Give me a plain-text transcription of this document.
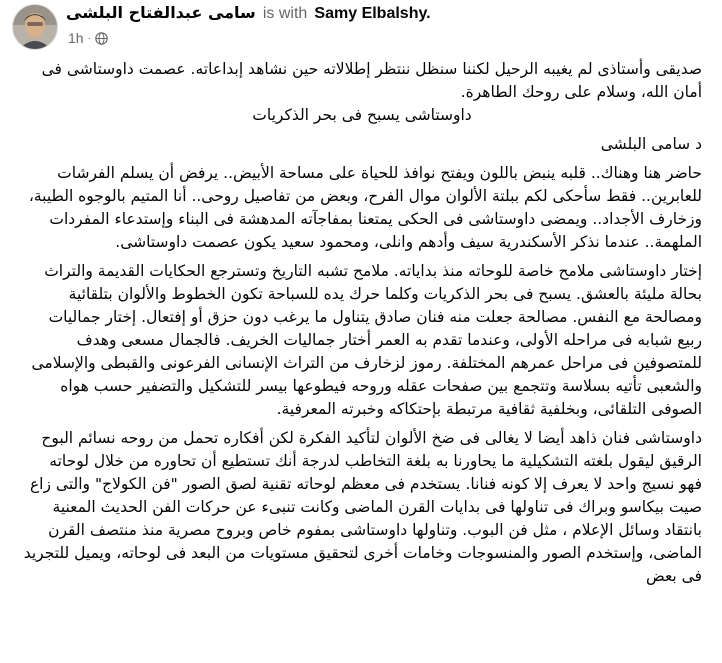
سامى عبدالفتاح البلشى is with Samy Elbalshy.
1h ·

صديقى وأستاذى لم يغيبه الرحيل لكننا سنظل ننتظر إطلالاته حين نشاهد إبداعاته. عصمت داوستاشى فى أمان الله، وسلام على روحك الطاهرة.

داوستاشى يسبح فى بحر الذكريات

د سامى البلشى

حاضر هنا وهناك.. قلبه ينبض باللون ويفتح نوافذ للحياة على مساحة الأبيض.. يرفض أن يسلم الفرشات للعابرين.. فقط سأحكى لكم ببلتة الألوان موال الفرح، وبعض من تفاصيل روحى.. أنا المتيم بالوجوه الطيبة، وزخارف الأجداد.. ويمضى داوستاشى فى الحكى يمتعنا بمفاجآته المدهشة فى البناء وإستدعاء المفردات الملهمة.. عندما نذكر الأسكندرية سيف وأدهم وانلى، ومحمود سعيد يكون عصمت داوستاشى.

إختار داوستاشى ملامح خاصة للوحاته منذ بداياته. ملامح تشبه التاريخ وتسترجع الحكايات القديمة والتراث بحالة مليئة بالعشق. يسبح فى بحر الذكريات وكلما حرك يده للسباحة تكون الخطوط والألوان بتلقائية ومصالحة مع النفس. مصالحة جعلت منه فنان صادق يتناول ما يرغب دون حزق أو إفتعال. إختار جماليات ربيع شبابه فى مراحله الأولى، وعندما تقدم به العمر أختار جماليات الخريف. فالجمال مسعى وهدف للمتصوفين فى مراحل عمرهم المختلفة. رموز لزخارف من التراث الإنسانى الفرعونى والقبطى والإسلامى والشعبى تأتيه بسلاسة وتتجمع بين صفحات عقله وروحه فيطوعها بيسر للتشكيل والتضفير حسب هواه الصوفى التلقائى، وبخلفية ثقافية مرتبطة بإحتكاكه وخبرته المعرفية.

داوستاشى فنان ذاهد أيضا لا يغالى فى ضخ الألوان لتأكيد الفكرة لكن أفكاره تحمل من روحه نسائم البوح الرقيق ليقول بلغته التشكيلية ما يحاورنا به بلغة التخاطب لدرجة أنك تستطيع أن تحاوره من خلال لوحاته فهو نسيج واحد لا يعرف إلا كونه فنانا. يستخدم فى معظم لوحاته تقنية لصق الصور "فن الكولاج" والتى زاع صيت بيكاسو وبراك فى تناولها فى بدايات القرن الماضى وكانت تنبىء عن حركات الفن الحديث المعنية بانتقاد وسائل الإعلام ، مثل فن البوب. وتناولها داوستاشى بمفوم خاص وبروح مصرية منذ منتصف القرن الماضى، وإستخدم الصور والمنسوجات وخامات أخرى لتحقيق مستويات من البعد فى لوحاته، ويميل للتجريد فى بعض
